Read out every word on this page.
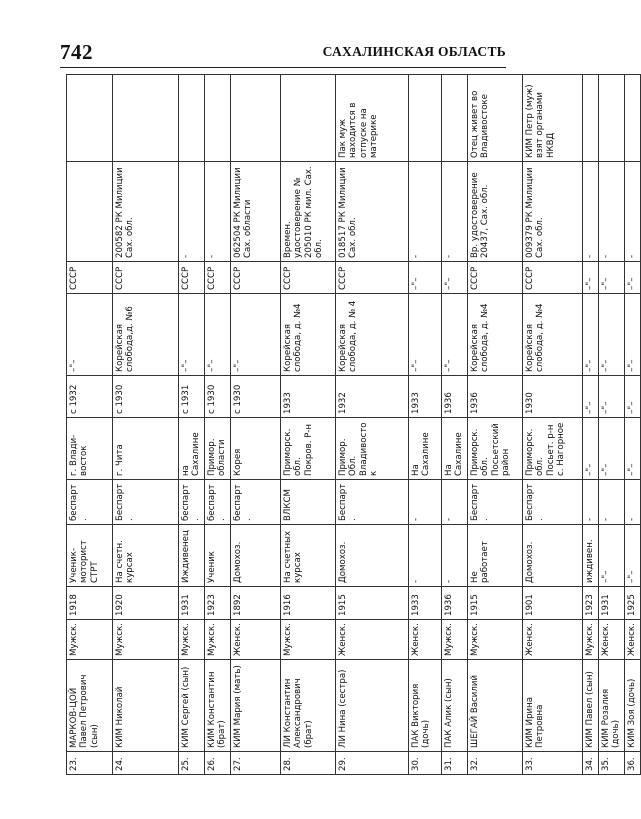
742	САХАЛИНСКАЯ ОБЛАСТЬ
23.	МАРКОВ-ЦОЙ Павел Петрович (сын)	Мужск.	1918	Ученик-моторист СТРТ	беспарт.	г. Влади-восток	с 1932	–"–	СССР		
24.	КИМ Николай	Мужск.	1920	На счетн. курсах	Беспарт.	г. Чита	с 1930	Корейская слобода,д. №6	СССР	200582 РК Милиции Сах. обл.	
25.	КИМ Сергей (сын)	Мужск.	1931	Иждивенец	беспарт.	на Сахалине	с 1931	–"–	СССР	-	
26.	КИМ Константин (брат)	Мужск.	1923	Ученик	беспарт.	Примор. области	с 1930	–"–	СССР	-	
27.	КИМ Мария (мать)	Женск.	1892	Домохоз.	беспарт.	Корея	с 1930	–"–	СССР	062504 РК Милиции Сах. области	
28.	ЛИ Константин Александрович (брат)	Мужск.	1916	На счетных курсах	ВЛКСМ	Приморск. обл. Покров. Р-н	1933	Корейская слобода, д. №4	СССР	Времен. удостоверение № 205010 РК мил. Сах. обл.	
29.	ЛИ Нина (сестра)	Женск.	1915	Домохоз.	Беспарт.	Примор. Обл. Владивосток	1932	Корейская слобода, д. № 4	СССР	018517 РК Милиции Сах. обл.	Пак муж находится в отпуске на материке
30.	ПАК Виктория (дочь)	Женск.	1933	-	-	На Сахалине	1933	–"–	–"–	-	
31.	ПАК Алик (сын)	Мужск.	1936	-	-	На Сахалине	1936	–"–	–"–	-	
32.	ШЕГАЙ Василий	Мужск.	1915	Не работает	Беспарт.	Приморск. обл. Посьетский район	1936	Корейская слобода, д. №4	СССР	Вр. удостоверение 20437, Сах. обл.	Отец живет во Владивостоке
33.	КИМ Ирина Петровна	Женск.	1901	Домохоз.	Беспарт.	Приморск. обл. Посьет. р-н с. Нагорное	1930	Корейская слобода, д. №4	СССР	009379 РК Милиции Сах. обл.	КИМ Петр (муж) взят органами НКВД
34.	КИМ Павел (сын)	Мужск.	1923	иждивен.	-	–"–	–"–	–"–	–"–	-	
35.	КИМ Розалия (дочь)	Женск.	1931	–"–	-	–"–	–"–	–"–	–"–	-	
36.	КИМ Зоя (дочь)	Женск.	1925	–"–	-	–"–	–"–	–"–	–"–	-	
